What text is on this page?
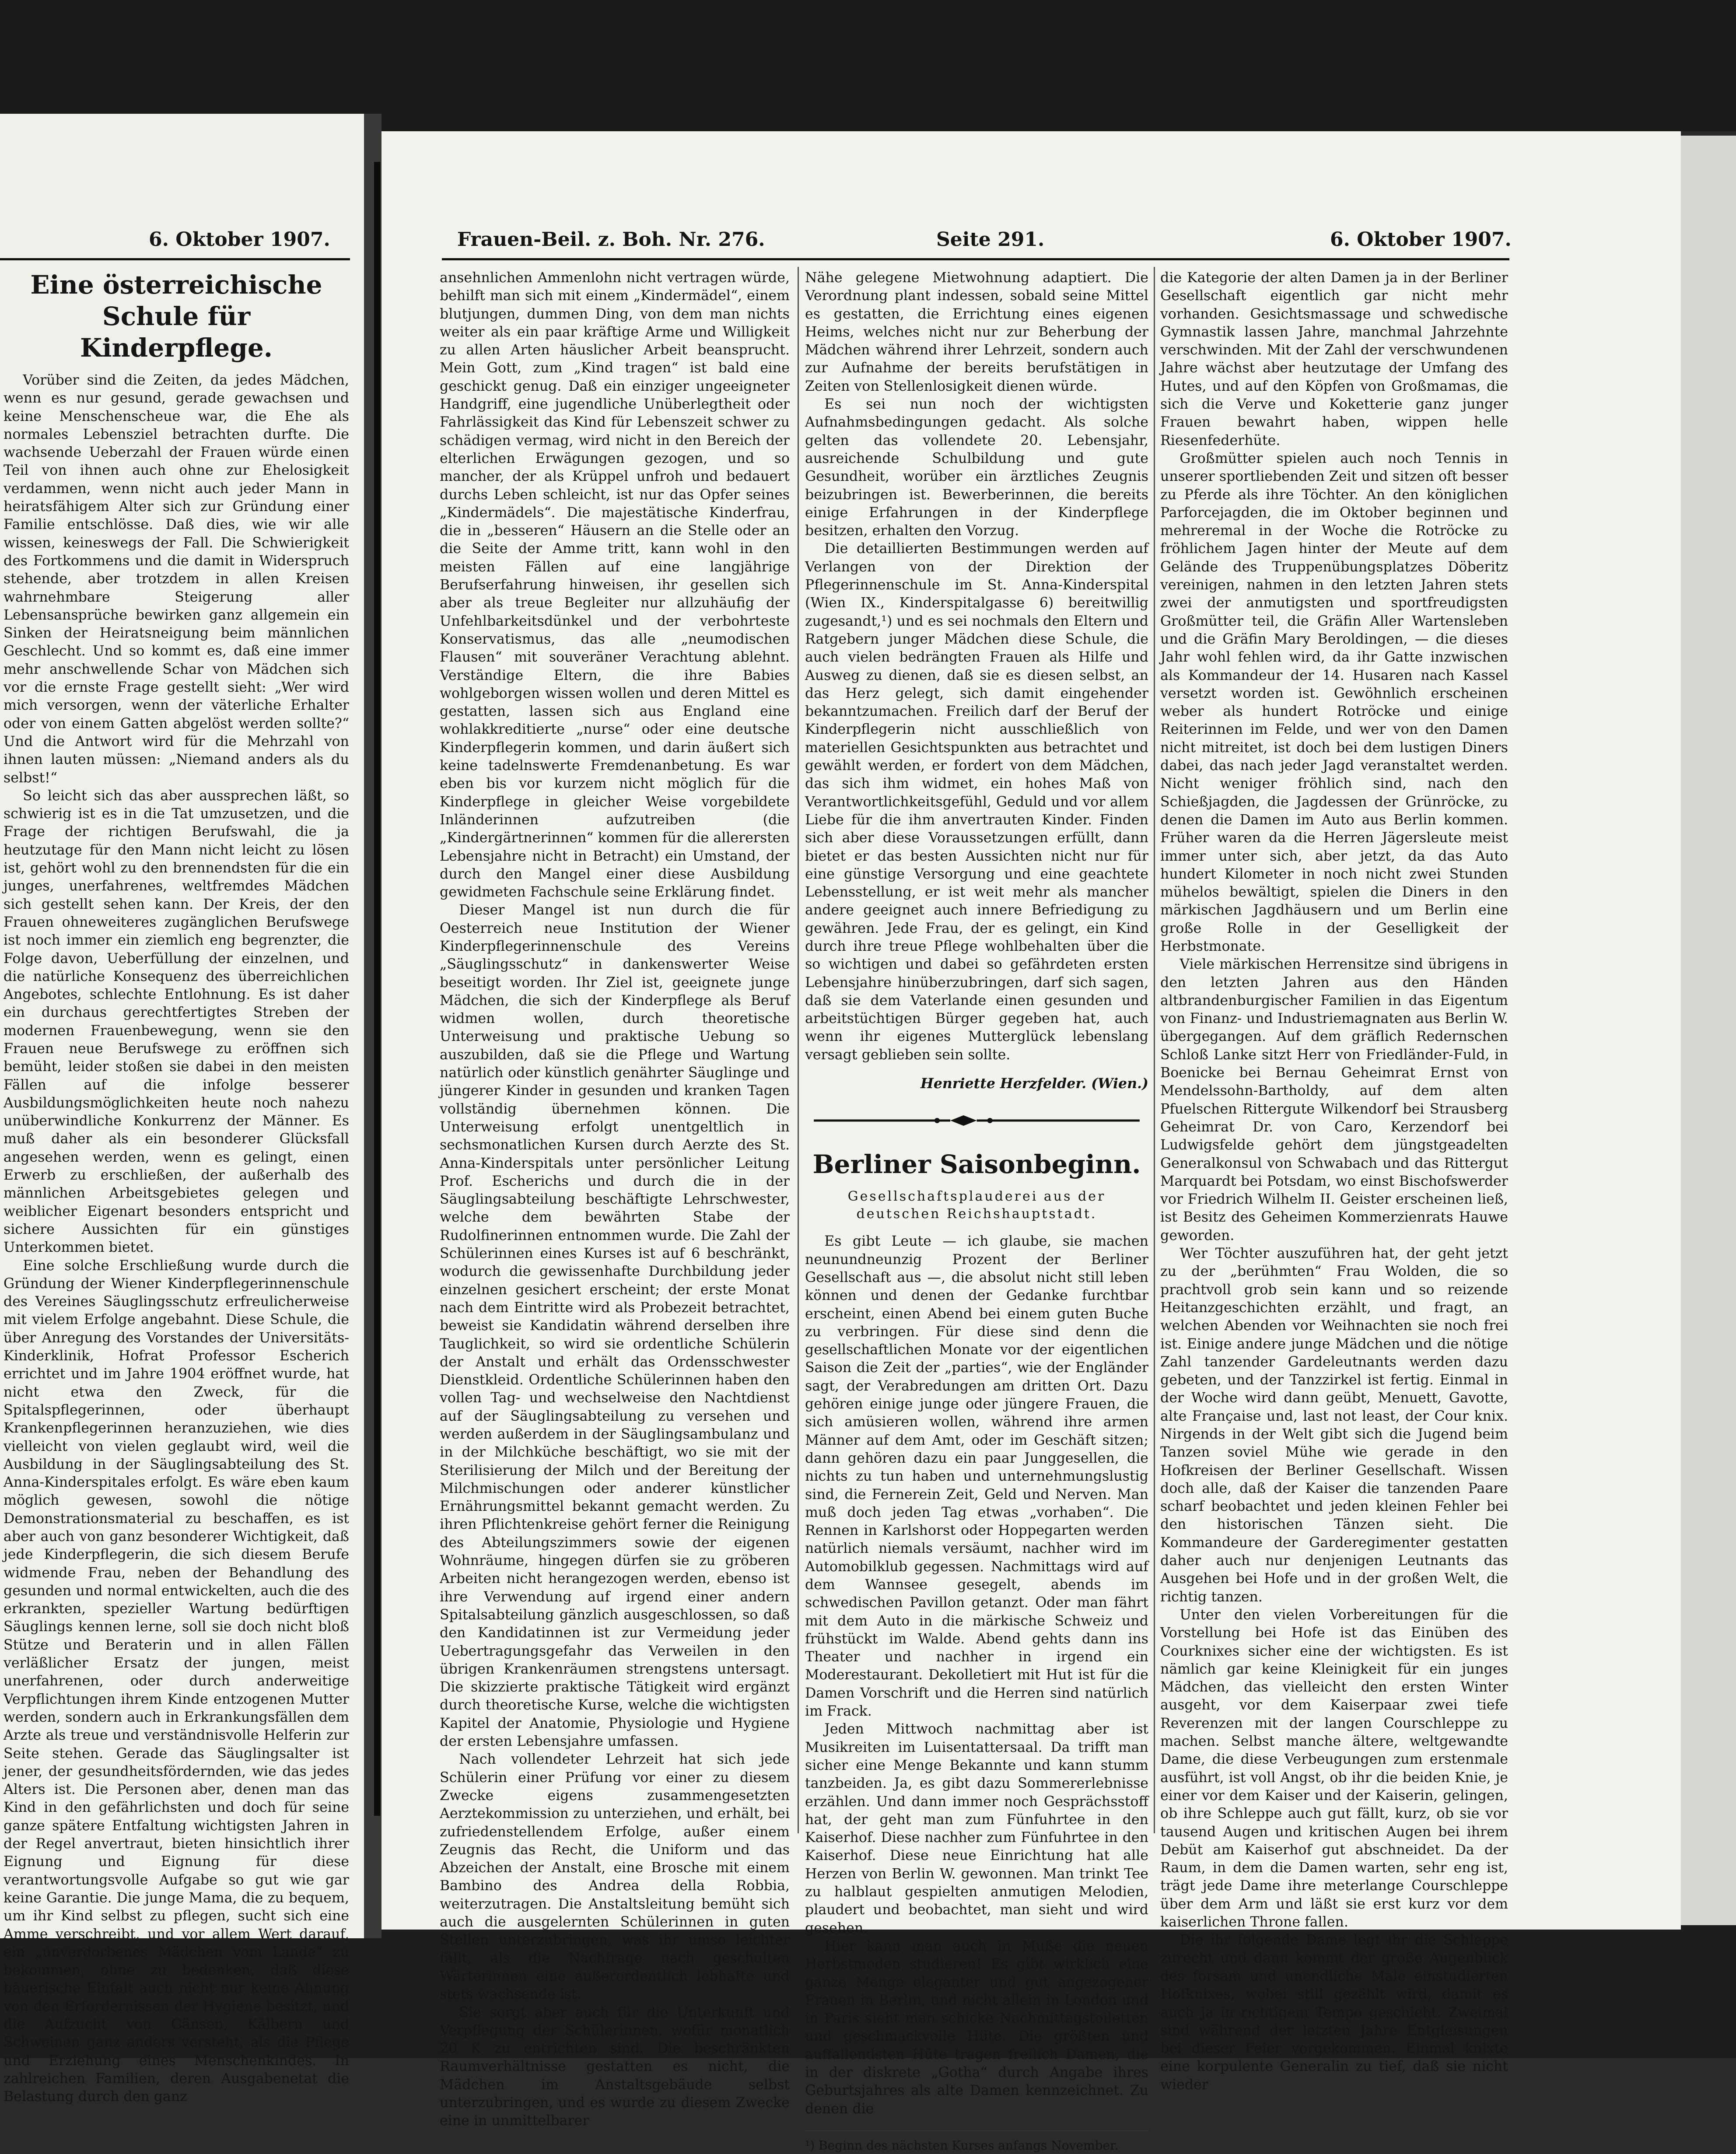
6. Oktober 1907.	Frauen-Beil. z. Boh. Nr. 276.	Seite 291.	6. Oktober 1907.
Eine österreichische Schule für Kinderpflege.

Vorüber sind die Zeiten, da jedes Mädchen, wenn es nur gesund, gerade gewachsen und keine Menschenscheue war, die Ehe als normales Lebensziel betrachten durfte. Die wachsende Ueberzahl der Frauen würde einen Teil von ihnen auch ohne zur Ehelosigkeit verdammen, wenn nicht auch jeder Mann in heiratsfähigem Alter sich zur Gründung einer Familie entschlösse. Daß dies, wie wir alle wissen, keineswegs der Fall. Die Schwierigkeit des Fortkommens und die damit in Widerspruch stehende, aber trotzdem in allen Kreisen wahrnehmbare Steigerung aller Lebensansprüche bewirken ganz allgemein ein Sinken der Heiratsneigung beim männlichen Geschlecht. Und so kommt es, daß eine immer mehr anschwellende Schar von Mädchen sich vor die ernste Frage gestellt sieht: „Wer wird mich versorgen, wenn der väterliche Erhalter oder von einem Gatten abgelöst werden sollte?“ Und die Antwort wird für die Mehrzahl von ihnen lauten müssen: „Niemand anders als du selbst!“

So leicht sich das aber aussprechen läßt, so schwierig ist es in die Tat umzusetzen, und die Frage der richtigen Berufswahl, die ja heutzutage für den Mann nicht leicht zu lösen ist, gehört wohl zu den brennendsten für die ein junges, unerfahrenes, weltfremdes Mädchen sich gestellt sehen kann. Der Kreis, der den Frauen ohneweiteres zugänglichen Berufswege ist noch immer ein ziemlich eng begrenzter, die Folge davon, Ueberfüllung der einzelnen, und die natürliche Konsequenz des überreichlichen Angebotes, schlechte Entlohnung. Es ist daher ein durchaus gerechtfertigtes Streben der modernen Frauenbewegung, wenn sie den Frauen neue Berufswege zu eröffnen sich bemüht, leider stoßen sie dabei in den meisten Fällen auf die infolge besserer Ausbildungsmöglichkeiten heute noch nahezu unüberwindliche Konkurrenz der Männer. Es muß daher als ein besonderer Glücksfall angesehen werden, wenn es gelingt, einen Erwerb zu erschließen, der außerhalb des männlichen Arbeitsgebietes gelegen und weiblicher Eigenart besonders entspricht und sichere Aussichten für ein günstiges Unterkommen bietet.

Eine solche Erschließung wurde durch die Gründung der Wiener Kinderpflegerinnenschule des Vereines Säuglingsschutz erfreulicherweise mit vielem Erfolge angebahnt. Diese Schule, die über Anregung des Vorstandes der Universitäts-Kinderklinik, Hofrat Professor Escherich errichtet und im Jahre 1904 eröffnet wurde, hat nicht etwa den Zweck, für die Spitalspflegerinnen, oder überhaupt Krankenpflegerinnen heranzuziehen, wie dies vielleicht von vielen geglaubt wird, weil die Ausbildung in der Säuglingsabteilung des St. Anna-Kinderspitales erfolgt. Es wäre eben kaum möglich gewesen, sowohl die nötige Demonstrationsmaterial zu beschaffen, es ist aber auch von ganz besonderer Wichtigkeit, daß jede Kinderpflegerin, die sich diesem Berufe widmende Frau, neben der Behandlung des gesunden und normal entwickelten, auch die des erkrankten, spezieller Wartung bedürftigen Säuglings kennen lerne, soll sie doch nicht bloß Stütze und Beraterin und in allen Fällen verläßlicher Ersatz der jungen, meist unerfahrenen, oder durch anderweitige Verpflichtungen ihrem Kinde entzogenen Mutter werden, sondern auch in Erkrankungsfällen dem Arzte als treue und verständnisvolle Helferin zur Seite stehen. Gerade das Säuglingsalter ist jener, der gesundheitsfördernden, wie das jedes Alters ist. Die Personen aber, denen man das Kind in den gefährlichsten und doch für seine ganze spätere Entfaltung wichtigsten Jahren in der Regel anvertraut, bieten hinsichtlich ihrer Eignung und Eignung für diese verantwortungsvolle Aufgabe so gut wie gar keine Garantie. Die junge Mama, die zu bequem, um ihr Kind selbst zu pflegen, sucht sich eine Amme verschreibt, und vor allem Wert darauf, ein „unverdorbenes Mädchen vom Lande“ zu bekommen, ohne zu bedenken, daß diese bäuerische Einfalt auch nicht nur keine Ahnung von den Erfordernissen der Hygiene besitzt, und die Aufzucht von Gänsen, Kälbern und Schweinen ganz anders versteht, als die Pflege und Erziehung eines Menschenkindes. In zahlreichen Familien, deren Ausgabenetat die Belastung durch den ganz

ansehnlichen Ammenlohn nicht vertragen würde, behilft man sich mit einem „Kindermädel“, einem blutjungen, dummen Ding, von dem man nichts weiter als ein paar kräftige Arme und Willigkeit zu allen Arten häuslicher Arbeit beansprucht. Mein Gott, zum „Kind tragen“ ist bald eine geschickt genug. Daß ein einziger ungeeigneter Handgriff, eine jugendliche Unüberlegtheit oder Fahrlässigkeit das Kind für Lebenszeit schwer zu schädigen vermag, wird nicht in den Bereich der elterlichen Erwägungen gezogen, und so mancher, der als Krüppel unfroh und bedauert durchs Leben schleicht, ist nur das Opfer seines „Kindermädels“. Die majestätische Kinderfrau, die in „besseren“ Häusern an die Stelle oder an die Seite der Amme tritt, kann wohl in den meisten Fällen auf eine langjährige Berufserfahrung hinweisen, ihr gesellen sich aber als treue Begleiter nur allzuhäufig der Unfehlbarkeitsdünkel und der verbohrteste Konservatismus, das alle „neumodischen Flausen“ mit souveräner Verachtung ablehnt. Verständige Eltern, die ihre Babies wohlgeborgen wissen wollen und deren Mittel es gestatten, lassen sich aus England eine wohlakkreditierte „nurse“ oder eine deutsche Kinderpflegerin kommen, und darin äußert sich keine tadelnswerte Fremdenanbetung. Es war eben bis vor kurzem nicht möglich für die Kinderpflege in gleicher Weise vorgebildete Inländerinnen aufzutreiben (die „Kindergärtnerinnen“ kommen für die allerersten Lebensjahre nicht in Betracht) ein Umstand, der durch den Mangel einer diese Ausbildung gewidmeten Fachschule seine Erklärung findet.

Dieser Mangel ist nun durch die für Oesterreich neue Institution der Wiener Kinderpflegerinnenschule des Vereins „Säuglingsschutz“ in dankenswerter Weise beseitigt worden. Ihr Ziel ist, geeignete junge Mädchen, die sich der Kinderpflege als Beruf widmen wollen, durch theoretische Unterweisung und praktische Uebung so auszubilden, daß sie die Pflege und Wartung natürlich oder künstlich genährter Säuglinge und jüngerer Kinder in gesunden und kranken Tagen vollständig übernehmen können. Die Unterweisung erfolgt unentgeltlich in sechsmonatlichen Kursen durch Aerzte des St. Anna-Kinderspitals unter persönlicher Leitung Prof. Escherichs und durch die in der Säuglingsabteilung beschäftigte Lehrschwester, welche dem bewährten Stabe der Rudolfinerinnen entnommen wurde. Die Zahl der Schülerinnen eines Kurses ist auf 6 beschränkt, wodurch die gewissenhafte Durchbildung jeder einzelnen gesichert erscheint; der erste Monat nach dem Eintritte wird als Probezeit betrachtet, beweist sie Kandidatin während derselben ihre Tauglichkeit, so wird sie ordentliche Schülerin der Anstalt und erhält das Ordensschwester Dienstkleid. Ordentliche Schülerinnen haben den vollen Tag- und wechselweise den Nachtdienst auf der Säuglingsabteilung zu versehen und werden außerdem in der Säuglingsambulanz und in der Milchküche beschäftigt, wo sie mit der Sterilisierung der Milch und der Bereitung der Milchmischungen oder anderer künstlicher Ernährungsmittel bekannt gemacht werden. Zu ihren Pflichtenkreise gehört ferner die Reinigung des Abteilungszimmers sowie der eigenen Wohnräume, hingegen dürfen sie zu gröberen Arbeiten nicht herangezogen werden, ebenso ist ihre Verwendung auf irgend einer andern Spitalsabteilung gänzlich ausgeschlossen, so daß den Kandidatinnen ist zur Vermeidung jeder Uebertragungsgefahr das Verweilen in den übrigen Krankenräumen strengstens untersagt. Die skizzierte praktische Tätigkeit wird ergänzt durch theoretische Kurse, welche die wichtigsten Kapitel der Anatomie, Physiologie und Hygiene der ersten Lebensjahre umfassen.

Nach vollendeter Lehrzeit hat sich jede Schülerin einer Prüfung vor einer zu diesem Zwecke eigens zusammengesetzten Aerztekommission zu unterziehen, und erhält, bei zufriedenstellendem Erfolge, außer einem Zeugnis das Recht, die Uniform und das Abzeichen der Anstalt, eine Brosche mit einem Bambino des Andrea della Robbia, weiterzutragen. Die Anstaltsleitung bemüht sich auch die ausgelernten Schülerinnen in guten Stellen unterzubringen, was ihr umso leichter fällt, als die Nachfrage nach geschulten Wärterinnen eine außerordentlich lebhafte und stets wachsende ist.

Sie sorgt aber auch für die Unterkunft und Verpflegung der Schülerinnen, wofür monatlich 20 K zu entrichten sind. Die beschränkten Raumverhältnisse gestatten es nicht, die Mädchen im Anstaltsgebäude selbst unterzubringen, und es wurde zu diesem Zwecke eine in unmittelbarer

Nähe gelegene Mietwohnung adaptiert. Die Verordnung plant indessen, sobald seine Mittel es gestatten, die Errichtung eines eigenen Heims, welches nicht nur zur Beherbung der Mädchen während ihrer Lehrzeit, sondern auch zur Aufnahme der bereits berufstätigen in Zeiten von Stellenlosigkeit dienen würde.

Es sei nun noch der wichtigsten Aufnahmsbedingungen gedacht. Als solche gelten das vollendete 20. Lebensjahr, ausreichende Schulbildung und gute Gesundheit, worüber ein ärztliches Zeugnis beizubringen ist. Bewerberinnen, die bereits einige Erfahrungen in der Kinderpflege besitzen, erhalten den Vorzug.

Die detaillierten Bestimmungen werden auf Verlangen von der Direktion der Pflegerinnenschule im St. Anna-Kinderspital (Wien IX., Kinderspitalgasse 6) bereitwillig zugesandt,¹) und es sei nochmals den Eltern und Ratgebern junger Mädchen diese Schule, die auch vielen bedrängten Frauen als Hilfe und Ausweg zu dienen, daß sie es diesen selbst, an das Herz gelegt, sich damit eingehender bekanntzumachen. Freilich darf der Beruf der Kinderpflegerin nicht ausschließlich von materiellen Gesichtspunkten aus betrachtet und gewählt werden, er fordert von dem Mädchen, das sich ihm widmet, ein hohes Maß von Verantwortlichkeitsgefühl, Geduld und vor allem Liebe für die ihm anvertrauten Kinder. Finden sich aber diese Voraussetzungen erfüllt, dann bietet er das besten Aussichten nicht nur für eine günstige Versorgung und eine geachtete Lebensstellung, er ist weit mehr als mancher andere geeignet auch innere Befriedigung zu gewähren. Jede Frau, der es gelingt, ein Kind durch ihre treue Pflege wohlbehalten über die so wichtigen und dabei so gefährdeten ersten Lebensjahre hinüberzubringen, darf sich sagen, daß sie dem Vaterlande einen gesunden und arbeitstüchtigen Bürger gegeben hat, auch wenn ihr eigenes Mutterglück lebenslang versagt geblieben sein sollte.

Henriette Herzfelder. (Wien.)
Berliner Saisonbeginn.
Gesellschaftsplauderei aus der deutschen Reichshauptstadt.

Es gibt Leute — ich glaube, sie machen neunundneunzig Prozent der Berliner Gesellschaft aus —, die absolut nicht still leben können und denen der Gedanke furchtbar erscheint, einen Abend bei einem guten Buche zu verbringen. Für diese sind denn die gesellschaftlichen Monate vor der eigentlichen Saison die Zeit der „parties“, wie der Engländer sagt, der Verabredungen am dritten Ort. Dazu gehören einige junge oder jüngere Frauen, die sich amüsieren wollen, während ihre armen Männer auf dem Amt, oder im Geschäft sitzen; dann gehören dazu ein paar Junggesellen, die nichts zu tun haben und unternehmungslustig sind, die Fernerein Zeit, Geld und Nerven. Man muß doch jeden Tag etwas „vorhaben“. Die Rennen in Karlshorst oder Hoppegarten werden natürlich niemals versäumt, nachher wird im Automobilklub gegessen. Nachmittags wird auf dem Wannsee gesegelt, abends im schwedischen Pavillon getanzt. Oder man fährt mit dem Auto in die märkische Schweiz und frühstückt im Walde. Abend gehts dann ins Theater und nachher in irgend ein Moderestaurant. Dekolletiert mit Hut ist für die Damen Vorschrift und die Herren sind natürlich im Frack.

Jeden Mittwoch nachmittag aber ist Musikreiten im Luisentattersaal. Da trifft man sicher eine Menge Bekannte und kann stumm tanzbeiden. Ja, es gibt dazu Sommererlebnisse erzählen. Und dann immer noch Gesprächsstoff hat, der geht man zum Fünfuhrtee in den Kaiserhof. Diese nachher zum Fünfuhrtee in den Kaiserhof. Diese neue Einrichtung hat alle Herzen von Berlin W. gewonnen. Man trinkt Tee zu halblaut gespielten anmutigen Melodien, plaudert und beobachtet, man sieht und wird gesehen.

Hier kann man auch in Muße die neuen Herbstmoden studieren! Es gibt wirklich eine ganze Menge eleganter und gut angezogener Frauen in Berlin, und nicht allein in London und in Paris sieht man schicke Nachmittagstoiletten und geschmackvolle Hüte. Die größten und auffallendsten Hüte tragen freilich Damen, die in der diskrete „Gotha“ durch Angabe ihres Geburtsjahres als alte Damen kennzeichnet. Zu denen die

¹) Beginn des nächsten Kurses anfangs November.

die Kategorie der alten Damen ja in der Berliner Gesellschaft eigentlich gar nicht mehr vorhanden. Gesichtsmassage und schwedische Gymnastik lassen Jahre, manchmal Jahrzehnte verschwinden. Mit der Zahl der verschwundenen Jahre wächst aber heutzutage der Umfang des Hutes, und auf den Köpfen von Großmamas, die sich die Verve und Koketterie ganz junger Frauen bewahrt haben, wippen helle Riesenfederhüte.

Großmütter spielen auch noch Tennis in unserer sportliebenden Zeit und sitzen oft besser zu Pferde als ihre Töchter. An den königlichen Parforcejagden, die im Oktober beginnen und mehreremal in der Woche die Rotröcke zu fröhlichem Jagen hinter der Meute auf dem Gelände des Truppenübungsplatzes Döberitz vereinigen, nahmen in den letzten Jahren stets zwei der anmutigsten und sportfreudigsten Großmütter teil, die Gräfin Aller Wartensleben und die Gräfin Mary Beroldingen, — die dieses Jahr wohl fehlen wird, da ihr Gatte inzwischen als Kommandeur der 14. Husaren nach Kassel versetzt worden ist. Gewöhnlich erscheinen weber als hundert Rotröcke und einige Reiterinnen im Felde, und wer von den Damen nicht mitreitet, ist doch bei dem lustigen Diners dabei, das nach jeder Jagd veranstaltet werden. Nicht weniger fröhlich sind, nach den Schießjagden, die Jagdessen der Grünröcke, zu denen die Damen im Auto aus Berlin kommen. Früher waren da die Herren Jägersleute meist immer unter sich, aber jetzt, da das Auto hundert Kilometer in noch nicht zwei Stunden mühelos bewältigt, spielen die Diners in den märkischen Jagdhäusern und um Berlin eine große Rolle in der Geselligkeit der Herbstmonate.

Viele märkischen Herrensitze sind übrigens in den letzten Jahren aus den Händen altbrandenburgischer Familien in das Eigentum von Finanz- und Industriemagnaten aus Berlin W. übergegangen. Auf dem gräflich Redernschen Schloß Lanke sitzt Herr von Friedländer-Fuld, in Boenicke bei Bernau Geheimrat Ernst von Mendelssohn-Bartholdy, auf dem alten Pfuelschen Rittergute Wilkendorf bei Strausberg Geheimrat Dr. von Caro, Kerzendorf bei Ludwigsfelde gehört dem jüngstgeadelten Generalkonsul von Schwabach und das Rittergut Marquardt bei Potsdam, wo einst Bischofswerder vor Friedrich Wilhelm II. Geister erscheinen ließ, ist Besitz des Geheimen Kommerzienrats Hauwe geworden.

Wer Töchter auszuführen hat, der geht jetzt zu der „berühmten“ Frau Wolden, die so prachtvoll grob sein kann und so reizende Heitanzgeschichten erzählt, und fragt, an welchen Abenden vor Weihnachten sie noch frei ist. Einige andere junge Mädchen und die nötige Zahl tanzender Gardeleutnants werden dazu gebeten, und der Tanzzirkel ist fertig. Einmal in der Woche wird dann geübt, Menuett, Gavotte, alte Française und, last not least, der Cour knix. Nirgends in der Welt gibt sich die Jugend beim Tanzen soviel Mühe wie gerade in den Hofkreisen der Berliner Gesellschaft. Wissen doch alle, daß der Kaiser die tanzenden Paare scharf beobachtet und jeden kleinen Fehler bei den historischen Tänzen sieht. Die Kommandeure der Garderegimenter gestatten daher auch nur denjenigen Leutnants das Ausgehen bei Hofe und in der großen Welt, die richtig tanzen.

Unter den vielen Vorbereitungen für die Vorstellung bei Hofe ist das Einüben des Courknixes sicher eine der wichtigsten. Es ist nämlich gar keine Kleinigkeit für ein junges Mädchen, das vielleicht den ersten Winter ausgeht, vor dem Kaiserpaar zwei tiefe Reverenzen mit der langen Courschleppe zu machen. Selbst manche ältere, weltgewandte Dame, die diese Verbeugungen zum erstenmale ausführt, ist voll Angst, ob ihr die beiden Knie, je einer vor dem Kaiser und der Kaiserin, gelingen, ob ihre Schleppe auch gut fällt, kurz, ob sie vor tausend Augen und kritischen Augen bei ihrem Debüt am Kaiserhof gut abschneidet. Da der Raum, in dem die Damen warten, sehr eng ist, trägt jede Dame ihre meterlange Courschleppe über dem Arm und läßt sie erst kurz vor dem kaiserlichen Throne fallen.

Die ihr folgende Dame legt ihr die Schleppe zurecht und dann kommt der große Augenblick des forsam und unendliche Male einstudierten Hofknixes, wobei still gezählt wird, damit es auch ja in richtigem Tempo geschieht. Zweimal sind während der letzten Jahre Entgleisungen bei dieser Feier vorgekommen. Einmal knixte eine korpulente Generalin zu tief, daß sie nicht wieder
